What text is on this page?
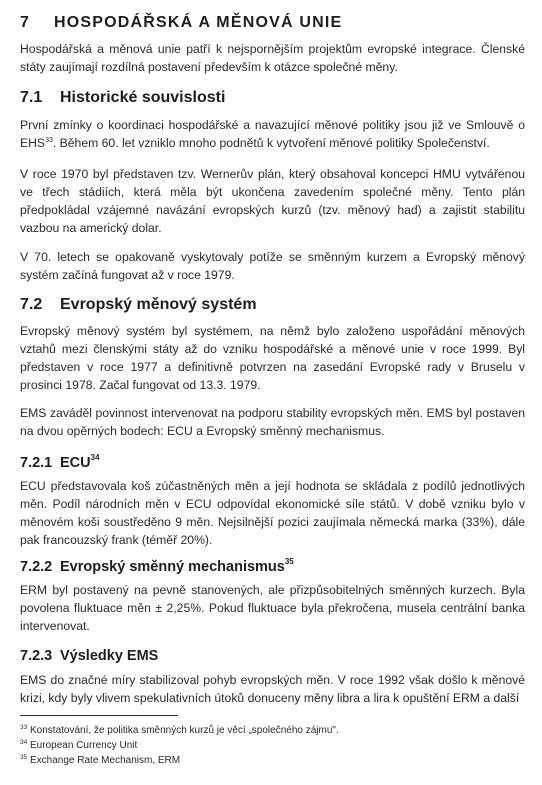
7 HOSPODÁŘSKÁ A MĚNOVÁ UNIE
Hospodářská a měnová unie patří k nejspornějším projektům evropské integrace. Členské státy zaujímají rozdílná postavení především k otázce společné měny.
7.1 Historické souvislosti
První zmínky o koordinaci hospodářské a navazující měnové politiky jsou již ve Smlouvě o EHS$^{33}$. Během 60. let vzniklo mnoho podnětů k vytvoření měnové politiky Společenství.
V roce 1970 byl představen tzv. Wernerův plán, který obsahoval koncepci HMU vytvářenou ve třech stádiích, která měla být ukončena zavedením společné měny. Tento plán předpokládal vzájemné navázání evropských kurzů (tzv. měnový had) a zajistit stabilitu vazbou na americký dolar.
V 70. letech se opakovaně vyskytovaly potíže se směnným kurzem a Evropský měnový systém začíná fungovat až v roce 1979.
7.2 Evropský měnový systém
Evropský měnový systém byl systémem, na němž bylo založeno uspořádání měnových vztahů mezi členskými státy až do vzniku hospodářské a měnové unie v roce 1999. Byl představen v roce 1977 a definitivně potvrzen na zasedání Evropské rady v Bruselu v prosinci 1978. Začal fungovat od 13.3. 1979.
EMS zaváděl povinnost intervenovat na podporu stability evropských měn. EMS byl postaven na dvou opěrných bodech: ECU a Evropský směnný mechanismus.
7.2.1 ECU$^{34}$
ECU představovala koš zúčastněných měn a její hodnota se skládala z podílů jednotlivých měn. Podíl národních měn v ECU odpovídal ekonomické síle států. V době vzniku bylo v měnovém koši soustředěno 9 měn. Nejsilnější pozici zaujímala německá marka (33%), dále pak francouzský frank (téměř 20%).
7.2.2 Evropský směnný mechanismus$^{35}$
ERM byl postavený na pevně stanovených, ale přizpůsobitelných směnných kurzech. Byla povolena fluktuace měn ± 2,25%. Pokud fluktuace byla překročena, musela centrální banka intervenovat.
7.2.3 Výsledky EMS
EMS do značné míry stabilizoval pohyb evropských měn. V roce 1992 však došlo k měnové krizi, kdy byly vlivem spekulativních útoků donuceny měny libra a lira k opuštění ERM a další
$^{33}$ Konstatování, že politika směnných kurzů je věcí „společného zájmu".
$^{34}$ European Currency Unit
$^{35}$ Exchange Rate Mechanism, ERM
